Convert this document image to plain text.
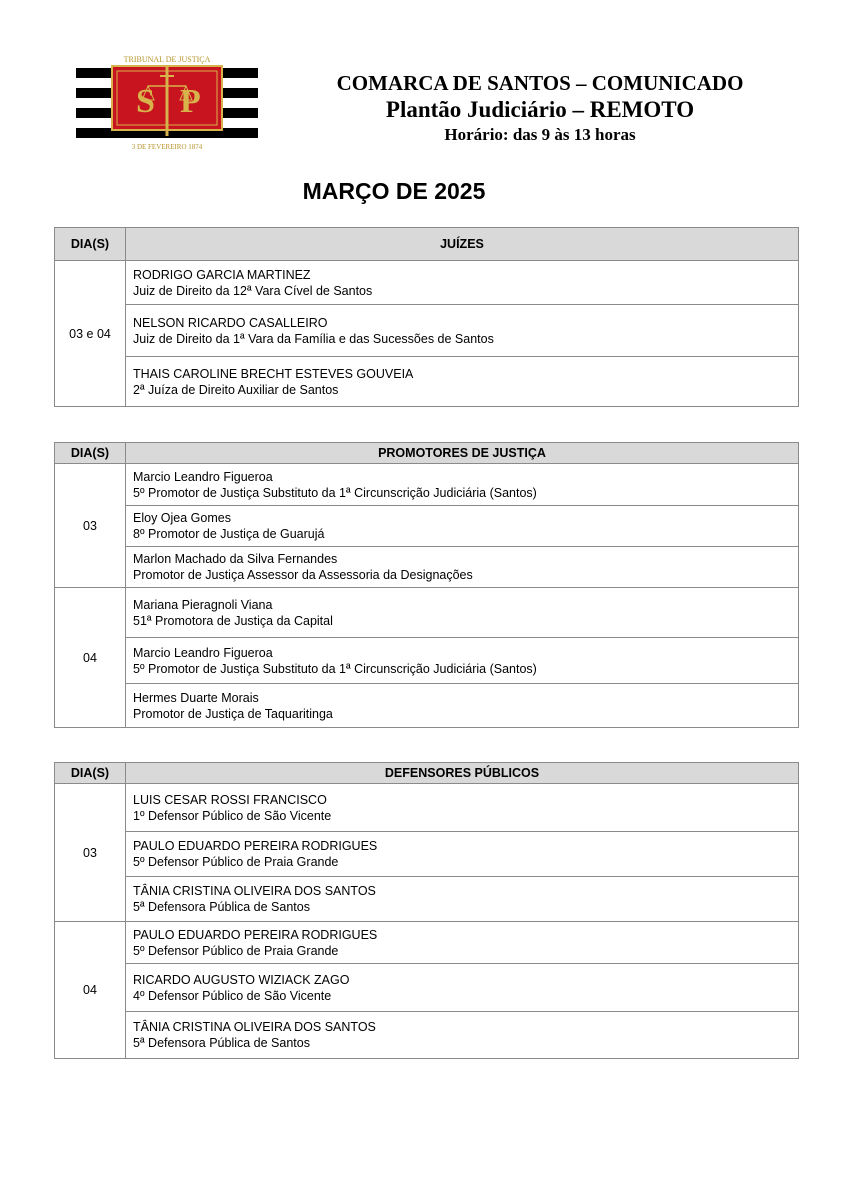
S P
TRIBUNAL DE JUSTIÇA
3 DE FEVEREIRO 1874
COMARCA DE SANTOS – COMUNICADO
Plantão Judiciário – REMOTO
Horário: das 9 às 13 horas
MARÇO DE 2025
DIA(S)	JUÍZES
03 e 04	RODRIGO GARCIA MARTINEZ
Juiz de Direito da 12ª Vara Cível de Santos

	NELSON RICARDO CASALLEIRO
Juiz de Direito da 1ª Vara da Família e das Sucessões de Santos

	THAIS CAROLINE BRECHT ESTEVES GOUVEIA
2ª Juíza de Direito Auxiliar de Santos
DIA(S)	PROMOTORES DE JUSTIÇA
03	Marcio Leandro Figueroa
5º Promotor de Justiça Substituto da 1ª Circunscrição Judiciária (Santos)

	Eloy Ojea Gomes
8º Promotor de Justiça de Guarujá

	Marlon Machado da Silva Fernandes
Promotor de Justiça Assessor da Assessoria da Designações

04	Mariana Pieragnoli Viana
51ª Promotora de Justiça da Capital

	Marcio Leandro Figueroa
5º Promotor de Justiça Substituto da 1ª Circunscrição Judiciária (Santos)

	Hermes Duarte Morais
Promotor de Justiça de Taquaritinga
DIA(S)	DEFENSORES PÚBLICOS
03	LUIS CESAR ROSSI FRANCISCO
1º Defensor Público de São Vicente

	PAULO EDUARDO PEREIRA RODRIGUES
5º Defensor Público de Praia Grande

	TÂNIA CRISTINA OLIVEIRA DOS SANTOS
5ª Defensora Pública de Santos

04	PAULO EDUARDO PEREIRA RODRIGUES
5º Defensor Público de Praia Grande

	RICARDO AUGUSTO WIZIACK ZAGO
4º Defensor Público de São Vicente

	TÂNIA CRISTINA OLIVEIRA DOS SANTOS
5ª Defensora Pública de Santos
